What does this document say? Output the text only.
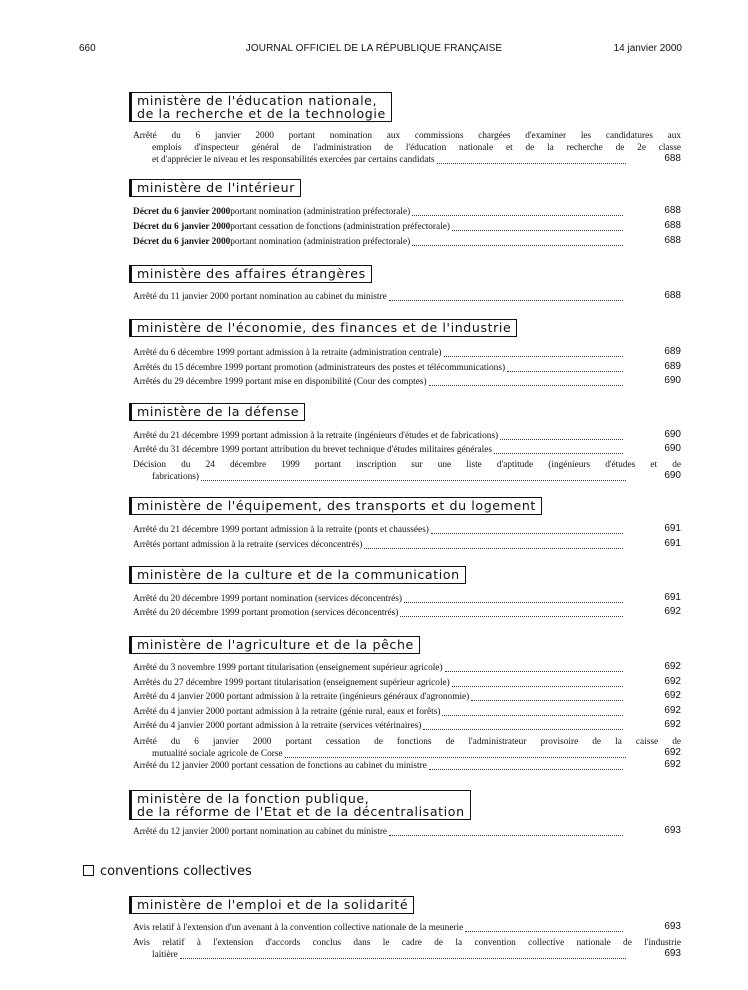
660	JOURNAL OFFICIEL DE LA RÉPUBLIQUE FRANÇAISE	14 janvier 2000
ministère de l'éducation nationale,
de la recherche et de la technologie
Arrêté du 6 janvier 2000 portant nomination aux commissions chargées d'examiner les candidatures aux
emplois d'inspecteur général de l'administration de l'éducation nationale et de la recherche de 2e classe
et d'apprécier le niveau et les responsabilités exercées par certains candidats	688
ministère de l'intérieur
Décret du 6 janvier 2000 portant nomination (administration préfectorale)	688
Décret du 6 janvier 2000 portant cessation de fonctions (administration préfectorale)	688
Décret du 6 janvier 2000 portant nomination (administration préfectorale)	688
ministère des affaires étrangères
Arrêté du 11 janvier 2000 portant nomination au cabinet du ministre	688
ministère de l'économie, des finances et de l'industrie
Arrêté du 6 décembre 1999 portant admission à la retraite (administration centrale)	689
Arrêtés du 15 décembre 1999 portant promotion (administrateurs des postes et télécommunications)	689
Arrêtés du 29 décembre 1999 portant mise en disponibilité (Cour des comptes)	690
ministère de la défense
Arrêté du 21 décembre 1999 portant admission à la retraite (ingénieurs d'études et de fabrications)	690
Arrêté du 31 décembre 1999 portant attribution du brevet technique d'études militaires générales	690
Décision du 24 décembre 1999 portant inscription sur une liste d'aptitude (ingénieurs d'études et de
fabrications)	690
ministère de l'équipement, des transports et du logement
Arrêté du 21 décembre 1999 portant admission à la retraite (ponts et chaussées)	691
Arrêtés portant admission à la retraite (services déconcentrés)	691
ministère de la culture et de la communication
Arrêté du 20 décembre 1999 portant nomination (services déconcentrés)	691
Arrêté du 20 décembre 1999 portant promotion (services déconcentrés)	692
ministère de l'agriculture et de la pêche
Arrêté du 3 novembre 1999 portant titularisation (enseignement supérieur agricole)	692
Arrêtés du 27 décembre 1999 portant titularisation (enseignement supérieur agricole)	692
Arrêté du 4 janvier 2000 portant admission à la retraite (ingénieurs généraux d'agronomie)	692
Arrêté du 4 janvier 2000 portant admission à la retraite (génie rural, eaux et forêts)	692
Arrêté du 4 janvier 2000 portant admission à la retraite (services vétérinaires)	692
Arrêté du 6 janvier 2000 portant cessation de fonctions de l'administrateur provisoire de la caisse de
mutualité sociale agricole de Corse	692
Arrêté du 12 janvier 2000 portant cessation de fonctions au cabinet du ministre	692
ministère de la fonction publique,
de la réforme de l'Etat et de la décentralisation
Arrêté du 12 janvier 2000 portant nomination au cabinet du ministre	693
ministère de l'emploi et de la solidarité
Avis relatif à l'extension d'un avenant à la convention collective nationale de la meunerie	693
Avis relatif à l'extension d'accords conclus dans le cadre de la convention collective nationale de l'industrie
laitière	693
conventions collectives
